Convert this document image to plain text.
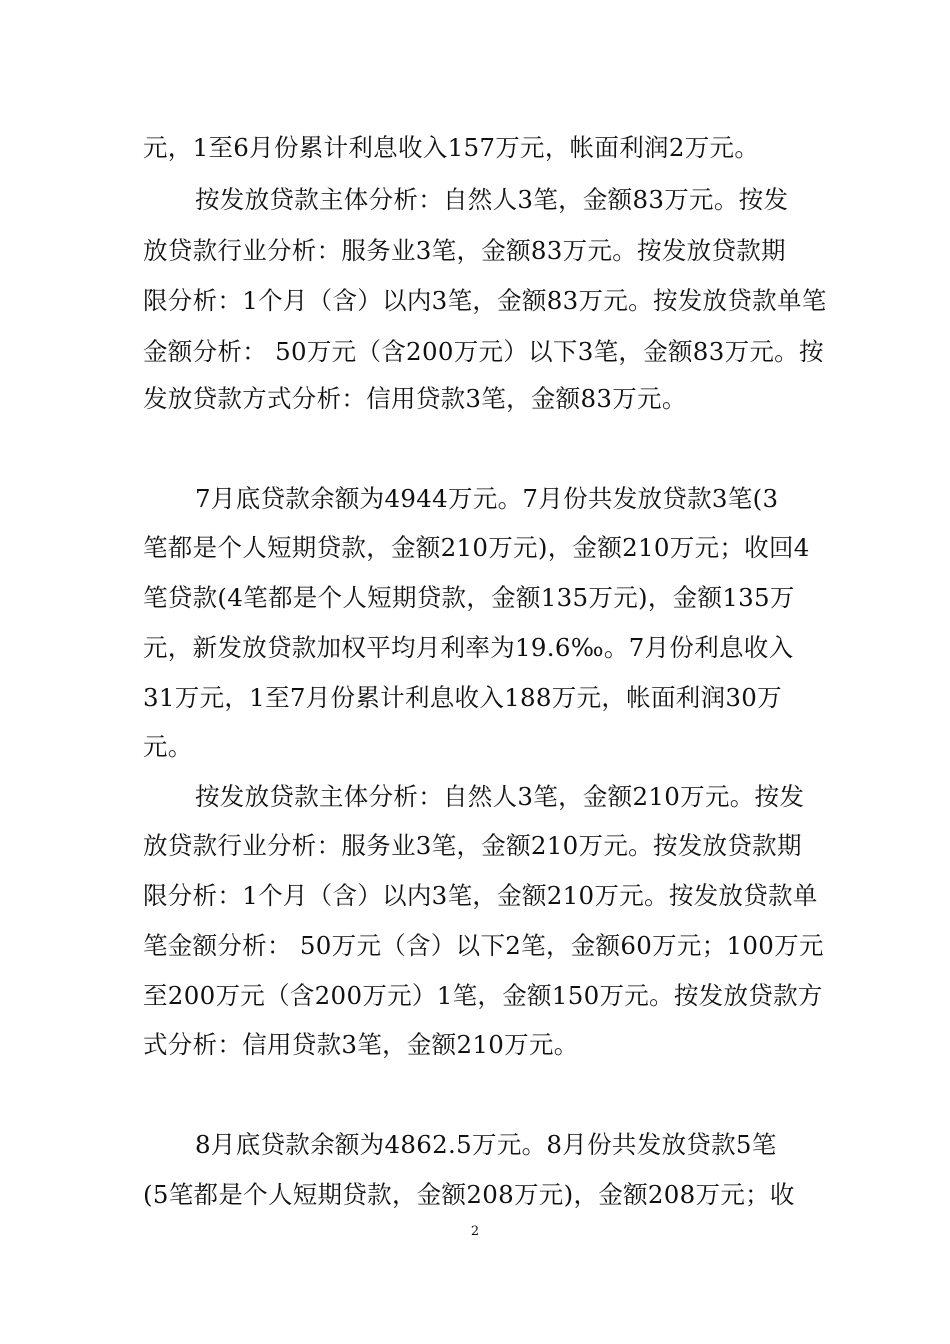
元，1至6月份累计利息收入157万元，帐面利润2万元。
按发放贷款主体分析：自然人3笔，金额83万元。按发
放贷款行业分析：服务业3笔，金额83万元。按发放贷款期
限分析：1个月（含）以内3笔，金额83万元。按发放贷款单笔
金额分析： 50万元（含200万元）以下3笔，金额83万元。按
发放贷款方式分析：信用贷款3笔，金额83万元。
7月底贷款余额为4944万元。7月份共发放贷款3笔(3
笔都是个人短期贷款，金额210万元)，金额210万元；收回4
笔贷款(4笔都是个人短期贷款，金额135万元)，金额135万
元，新发放贷款加权平均月利率为19.6‰。7月份利息收入
31万元，1至7月份累计利息收入188万元，帐面利润30万
元。
按发放贷款主体分析：自然人3笔，金额210万元。按发
放贷款行业分析：服务业3笔，金额210万元。按发放贷款期
限分析：1个月（含）以内3笔，金额210万元。按发放贷款单
笔金额分析： 50万元（含）以下2笔，金额60万元；100万元
至200万元（含200万元）1笔，金额150万元。按发放贷款方
式分析：信用贷款3笔，金额210万元。
8月底贷款余额为4862.5万元。8月份共发放贷款5笔
(5笔都是个人短期贷款，金额208万元)，金额208万元；收
2
